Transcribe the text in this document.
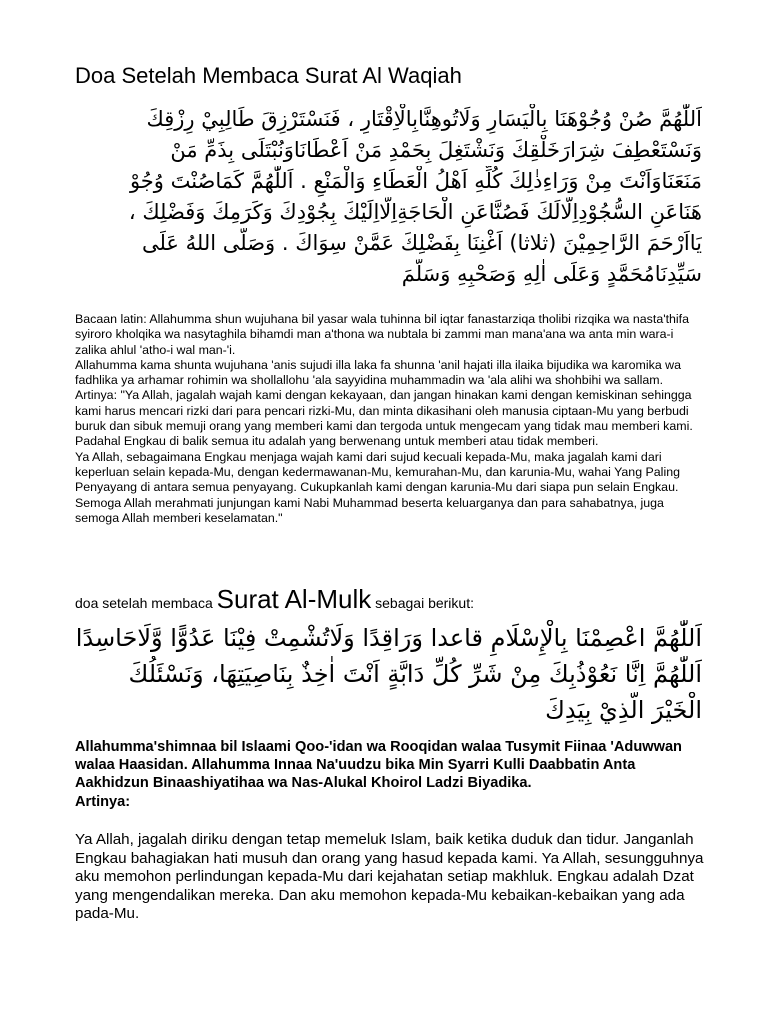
Doa Setelah Membaca Surat Al Waqiah
اَللّٰهُمَّ صُنْ وُجُوْهَنَا بِالْيَسَارِ وَلَاتُوهِنَّابِالْاِقْتَارِ ، فَنَسْتَرْزِقَ طَالِبِيْ رِزْقِكَ
وَنَسْتَعْطِفَ شِرَارَخَلْقِكَ وَنَشْتَغِلَ بِحَمْدِ مَنْ اَعْطَانَاوَنُبْتَلَى بِذَمِّ مَنْ
مَنَعَنَاوَاَنْتَ مِنْ وَرَاءِذٰلِكَ كُلِّهِ اَهْلُ الْعَطَاءِ وَالْمَنْعِ . اَللّٰهُمَّ كَمَاصُنْتَ وُجُوْ
هَنَاعَنِ السُّجُوْدِاِلَّالَكَ فَصُنَّاعَنِ الْحَاجَةِاِلَّااِلَيْكَ بِجُوْدِكَ وَكَرَمِكَ وَفَضْلِكَ ،
يَااَرْحَمَ الرَّاحِمِيْنَ (ثلاثا) اَغْنِنَا بِفَضْلِكَ عَمَّنْ سِوَاكَ . وَصَلَّى اللهُ عَلَى
سَيِّدِنَامُحَمَّدٍ وَعَلَى اٰلِهِ وَصَحْبِهِ وَسَلَّمَ

Bacaan latin: Allahumma shun wujuhana bil yasar wala tuhinna bil iqtar fanastarziqa tholibi rizqika wa nasta'thifa syiroro kholqika wa nasytaghila bihamdi man a'thona wa nubtala bi zammi man mana'ana wa anta min wara-i zalika ahlul 'atho-i wal man-'i.

Allahumma kama shunta wujuhana 'anis sujudi illa laka fa shunna 'anil hajati illa ilaika bijudika wa karomika wa fadhlika ya arhamar rohimin wa shollallohu 'ala sayyidina muhammadin wa 'ala alihi wa shohbihi wa sallam.

Artinya: "Ya Allah, jagalah wajah kami dengan kekayaan, dan jangan hinakan kami dengan kemiskinan sehingga kami harus mencari rizki dari para pencari rizki-Mu, dan minta dikasihani oleh manusia ciptaan-Mu yang berbudi buruk dan sibuk memuji orang yang memberi kami dan tergoda untuk mengecam yang tidak mau memberi kami. Padahal Engkau di balik semua itu adalah yang berwenang untuk memberi atau tidak memberi.

Ya Allah, sebagaimana Engkau menjaga wajah kami dari sujud kecuali kepada-Mu, maka jagalah kami dari keperluan selain kepada-Mu, dengan kedermawanan-Mu, kemurahan-Mu, dan karunia-Mu, wahai Yang Paling Penyayang di antara semua penyayang. Cukupkanlah kami dengan karunia-Mu dari siapa pun selain Engkau. Semoga Allah merahmati junjungan kami Nabi Muhammad beserta keluarganya dan para sahabatnya, juga semoga Allah memberi keselamatan."

doa setelah membaca Surat Al-Mulk sebagai berikut:
اَللّٰهُمَّ اعْصِمْنَا بِالْإِسْلَامِ قاعدا وَرَاقِدًا وَلَاتُشْمِتْ فِيْنَا عَدُوًّا وَّلَاحَاسِدًا
اَللّٰهُمَّ اِنَّا نَعُوْذُبِكَ مِنْ شَرِّ كُلِّ دَابَّةٍ اَنْتَ اٰخِذٌ بِنَاصِيَتِهَا، وَنَسْئَلُكَ
الْخَيْرَ الَّذِيْ بِيَدِكَ

Allahumma'shimnaa bil Islaami Qoo-'idan wa Rooqidan walaa Tusymit Fiinaa 'Aduwwan walaa Haasidan. Allahumma Innaa Na'uudzu bika Min Syarri Kulli Daabbatin Anta Aakhidzun Binaashiyatihaa wa Nas-Alukal Khoirol Ladzi Biyadika.

Artinya:

Ya Allah, jagalah diriku dengan tetap memeluk Islam, baik ketika duduk dan tidur. Janganlah Engkau bahagiakan hati musuh dan orang yang hasud kepada kami. Ya Allah, sesungguhnya aku memohon perlindungan kepada-Mu dari kejahatan setiap makhluk. Engkau adalah Dzat yang mengendalikan mereka. Dan aku memohon kepada-Mu kebaikan-kebaikan yang ada pada-Mu.
